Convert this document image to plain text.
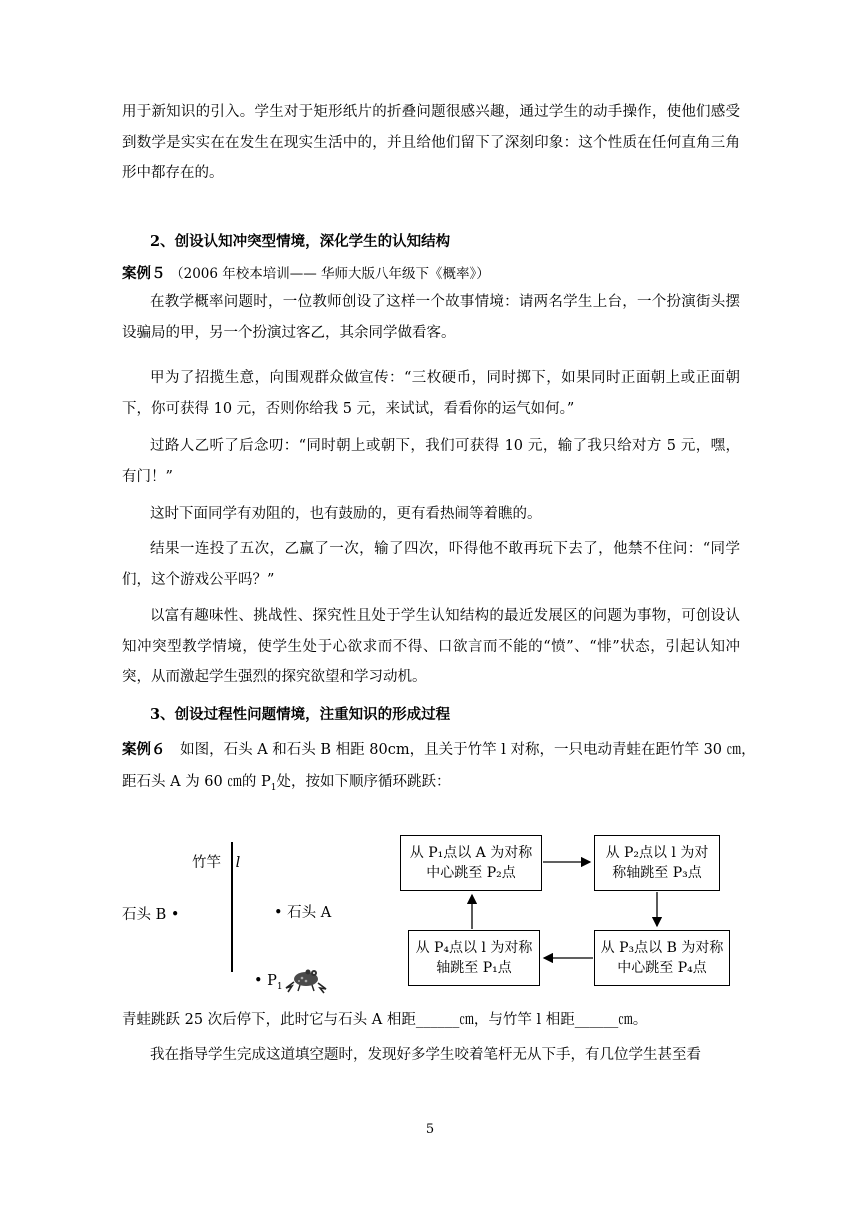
用于新知识的引入。学生对于矩形纸片的折叠问题很感兴趣，通过学生的动手操作，使他们感受到数学是实实在在发生在现实生活中的，并且给他们留下了深刻印象：这个性质在任何直角三角形中都存在的。

2、创设认知冲突型情境，深化学生的认知结构
案例５ （2006 年校本培训—— 华师大版八年级下《概率》）

在教学概率问题时，一位教师创设了这样一个故事情境：请两名学生上台，一个扮演街头摆设骗局的甲，另一个扮演过客乙，其余同学做看客。

甲为了招揽生意，向围观群众做宣传：“三枚硬币，同时掷下，如果同时正面朝上或正面朝下，你可获得 10 元，否则你给我 5 元，来试试，看看你的运气如何。”

过路人乙听了后念叨：“同时朝上或朝下，我们可获得 10 元，输了我只给对方 5 元，嘿，有门！”

这时下面同学有劝阻的，也有鼓励的，更有看热闹等着瞧的。

结果一连投了五次，乙赢了一次，输了四次，吓得他不敢再玩下去了，他禁不住问：“同学们，这个游戏公平吗？”

以富有趣味性、挑战性、探究性且处于学生认知结构的最近发展区的问题为事物，可创设认知冲突型教学情境，使学生处于心欲求而不得、口欲言而不能的“愤”、“悱”状态，引起认知冲突，从而激起学生强烈的探究欲望和学习动机。

3、创设过程性问题情境，注重知识的形成过程
案例６ 如图，石头 A 和石头 B 相距 80cm，且关于竹竿 l 对称，一只电动青蛙在距竹竿 30 ㎝，
距石头 A 为 60 ㎝的 $P_1$处，按如下顺序循环跳跃：
竹竿 l
石头 B •	• 石头 A
• $P_1$
从 P₁点以 A 为对称中心跳至 P₂点
从 P₂点以 l 为对称轴跳至 P₃点
从 P₃点以 B 为对称中心跳至 P₄点
从 P₄点以 l 为对称轴跳至 P₁点
青蛙跳跃 25 次后停下，此时它与石头 A 相距______㎝，与竹竿 l 相距______㎝。
我在指导学生完成这道填空题时，发现好多学生咬着笔杆无从下手，有几位学生甚至看
5
